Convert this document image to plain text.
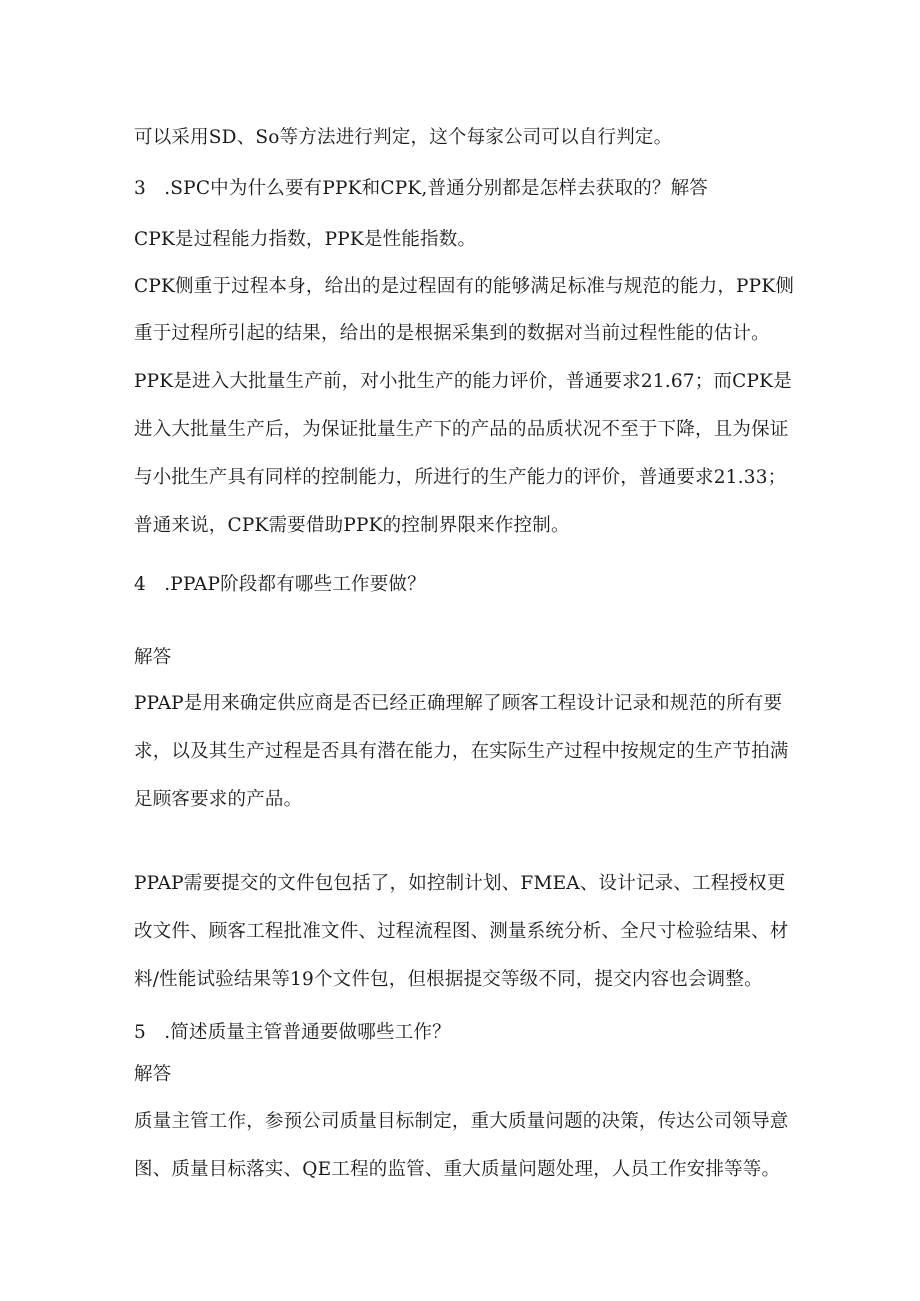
可以采用SD、So等方法进行判定，这个每家公司可以自行判定。
3   .SPC中为什么要有PPK和CPK,普通分别都是怎样去获取的？解答
CPK是过程能力指数，PPK是性能指数。
CPK侧重于过程本身，给出的是过程固有的能够满足标准与规范的能力，PPK侧
重于过程所引起的结果，给出的是根据采集到的数据对当前过程性能的估计。
PPK是进入大批量生产前，对小批生产的能力评价，普通要求21.67；而CPK是
进入大批量生产后，为保证批量生产下的产品的品质状况不至于下降，且为保证
与小批生产具有同样的控制能力，所进行的生产能力的评价，普通要求21.33；
普通来说，CPK需要借助PPK的控制界限来作控制。
4   .PPAP阶段都有哪些工作要做？
解答
PPAP是用来确定供应商是否已经正确理解了顾客工程设计记录和规范的所有要
求，以及其生产过程是否具有潜在能力，在实际生产过程中按规定的生产节拍满
足顾客要求的产品。
PPAP需要提交的文件包包括了，如控制计划、FMEA、设计记录、工程授权更
改文件、顾客工程批准文件、过程流程图、测量系统分析、全尺寸检验结果、材
料/性能试验结果等19个文件包，但根据提交等级不同，提交内容也会调整。
5   .简述质量主管普通要做哪些工作？
解答
质量主管工作，参预公司质量目标制定，重大质量问题的决策，传达公司领导意
图、质量目标落实、QE工程的监管、重大质量问题处理，人员工作安排等等。
